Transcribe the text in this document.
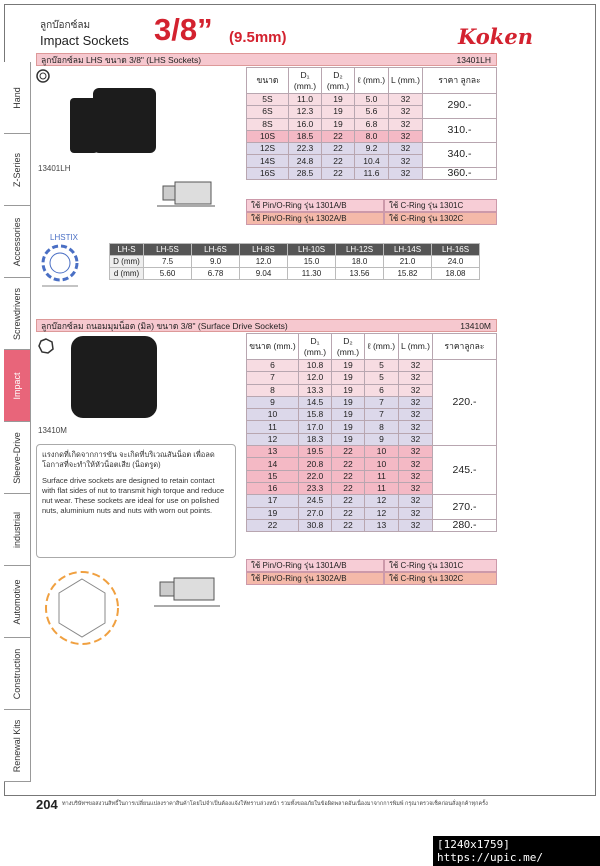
Hand
Z-Series
Accessories
Screwdrivers
Impact
Sleeve-Drive
industrial
Automotive
Construction
Renewal Kits
ลูกบ๊อกซ์ลม
Impact Sockets 3/8” (9.5mm)	Koken
ลูกบ๊อกซ์ลม LHS ขนาด 3/8" (LHS Sockets)	13401LH
13401LH
ขนาด	D₁ (mm.)	D₂ (mm.)	ℓ (mm.)	L (mm.)	ราคา ลูกละ
5S	11.0	19	5.0	32	290.-
6S	12.3	19	5.6	32	
8S	16.0	19	6.8	32	310.-
10S	18.5	22	8.0	32	
12S	22.3	22	9.2	32	340.-
14S	24.8	22	10.4	32	
16S	28.5	22	11.6	32	360.-
ใช้ Pin/O-Ring รุ่น 1301A/B	ใช้ C-Ring รุ่น 1301C
ใช้ Pin/O-Ring รุ่น 1302A/B	ใช้ C-Ring รุ่น 1302C
LHSTIX
LH-S	LH-5S	LH-6S	LH-8S	LH-10S	LH-12S	LH-14S	LH-16S
D (mm)	7.5	9.0	12.0	15.0	18.0	21.0	24.0
d (mm)	5.60	6.78	9.04	11.30	13.56	15.82	18.08
ลูกบ๊อกซ์ลม ถนอมมุมน็อต (มิล) ขนาด 3/8" (Surface Drive Sockets)	13410M
13410M

แรงกดที่เกิดจากการขัน จะเกิดที่บริเวณสันน็อต เพื่อลดโอกาสที่จะทำให้หัวน็อตเสีย (น็อตรูด)

Surface drive sockets are designed to retain contact with flat sides of nut to transmit high torque and reduce nut wear. These sockets are ideal for use on polished nuts, aluminium nuts and nuts with worn out points.

ขนาด (mm.)	D₁ (mm.)	D₂ (mm.)	ℓ (mm.)	L (mm.)	ราคาลูกละ
6	10.8	19	5	32	220.-
7	12.0	19	5	32	
8	13.3	19	6	32	
9	14.5	19	7	32	
10	15.8	19	7	32	
11	17.0	19	8	32	
12	18.3	19	9	32	
13	19.5	22	10	32	245.-
14	20.8	22	10	32	
15	22.0	22	11	32	
16	23.3	22	11	32	
17	24.5	22	12	32	270.-
19	27.0	22	12	32	
22	30.8	22	13	32	280.-
ใช้ Pin/O-Ring รุ่น 1301A/B	ใช้ C-Ring รุ่น 1301C
ใช้ Pin/O-Ring รุ่น 1302A/B	ใช้ C-Ring รุ่น 1302C
204 ทางบริษัทฯขอสงวนสิทธิ์ในการเปลี่ยนแปลงราคาสินค้าโดยไม่จำเป็นต้องแจ้งให้ทราบล่วงหน้า รวมทั้งขออภัยในข้อผิดพลาดอันเนื่องมาจากการพิมพ์ กรุณาตรวจเช็คก่อนสั่งลูกค้าทุกครั้ง
[1240x1759] https://upic.me/
